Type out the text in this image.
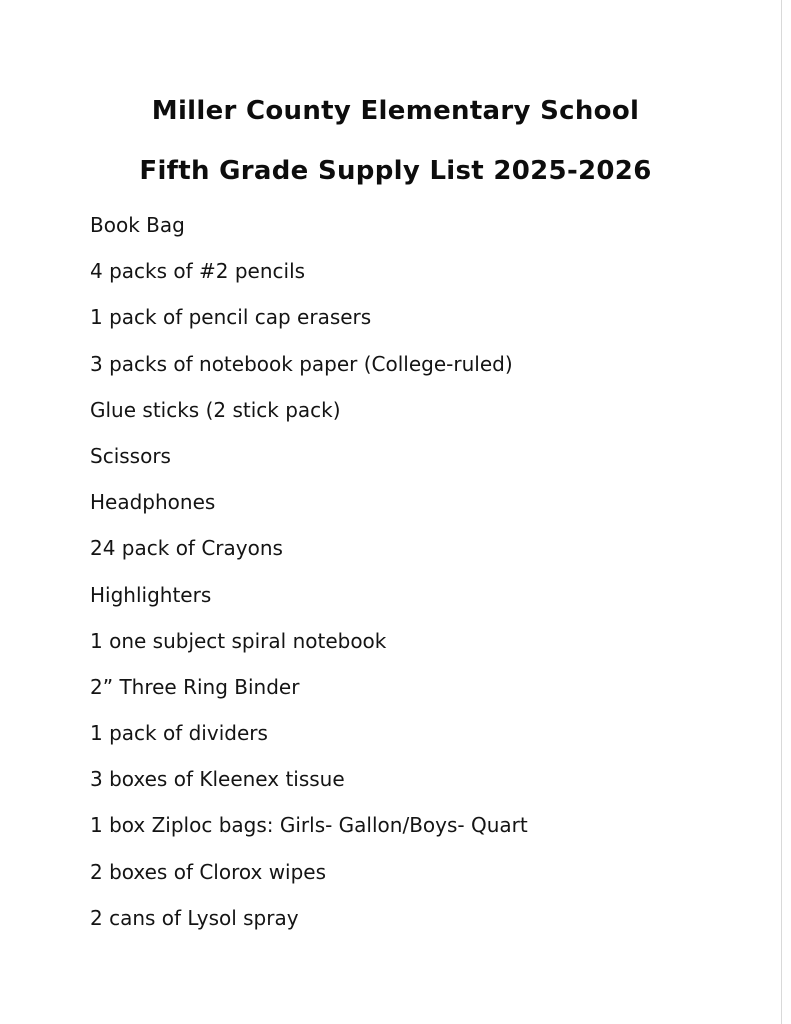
Miller County Elementary School
Fifth Grade Supply List 2025-2026
Book Bag
4 packs of #2 pencils
1 pack of pencil cap erasers
3 packs of notebook paper (College-ruled)
Glue sticks (2 stick pack)
Scissors
Headphones
24 pack of Crayons
Highlighters
1 one subject spiral notebook
2” Three Ring Binder
1 pack of dividers
3 boxes of Kleenex tissue
1 box Ziploc bags: Girls- Gallon/Boys- Quart
2 boxes of Clorox wipes
2 cans of Lysol spray
